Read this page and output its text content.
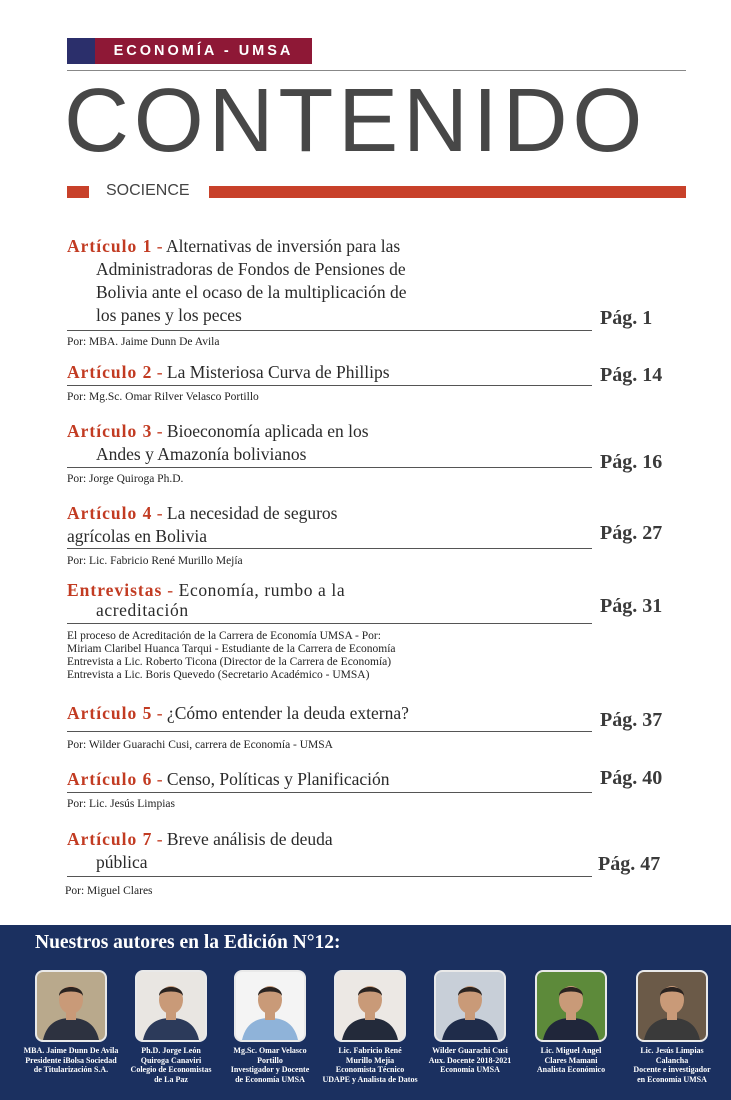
ECONOMÍA - UMSA
CONTENIDO
SOCIENCE
Artículo 1 - Alternativas de inversión para las
Administradoras de Fondos de Pensiones de
Bolivia ante el ocaso de la multiplicación de
los panes y los peces	Pág. 1
Por: MBA. Jaime Dunn De Avila
Artículo 2 - La Misteriosa Curva de Phillips	Pág. 14
Por: Mg.Sc. Omar Rilver Velasco Portillo
Artículo 3 - Bioeconomía aplicada en los
Andes y Amazonía bolivianos	Pág. 16
Por: Jorge Quiroga Ph.D.
Artículo 4 - La necesidad de seguros
agrícolas en Bolivia	Pág. 27
Por: Lic. Fabricio René Murillo Mejía
Entrevistas - Economía, rumbo a la
acreditación	Pág. 31
El proceso de Acreditación de la Carrera de Economía UMSA - Por:
Miriam Claribel Huanca Tarqui - Estudiante de la Carrera de Economía
Entrevista a Lic. Roberto Ticona (Director de la Carrera de Economía)
Entrevista a Lic. Boris Quevedo (Secretario Académico - UMSA)
Artículo 5 - ¿Cómo entender la deuda externa?	Pág. 37
Por: Wilder Guarachi Cusi, carrera de Economía - UMSA
Artículo 6 - Censo, Políticas y Planificación	Pág. 40
Por: Lic. Jesús Limpias
Artículo 7 - Breve análisis de deuda
pública	Pág. 47
Por: Miguel Clares
Nuestros autores en la Edición N°12:
MBA. Jaime Dunn De Avila
Presidente iBolsa Sociedad
de Titularización S.A.
Ph.D. Jorge León
Quiroga Canaviri
Colegio de Economistas
de La Paz
Mg.Sc. Omar Velasco Portillo
Investigador y Docente
de Economía UMSA
Lic. Fabricio René
Murillo Mejía
Economista Técnico
UDAPE y Analista de Datos
Wilder Guarachi Cusi
Aux. Docente 2018-2021
Economía UMSA
Lic. Miguel Angel
Clares Mamani
Analista Económico
Lic. Jesús Limpias Calancha
Docente e investigador
en Economía UMSA
